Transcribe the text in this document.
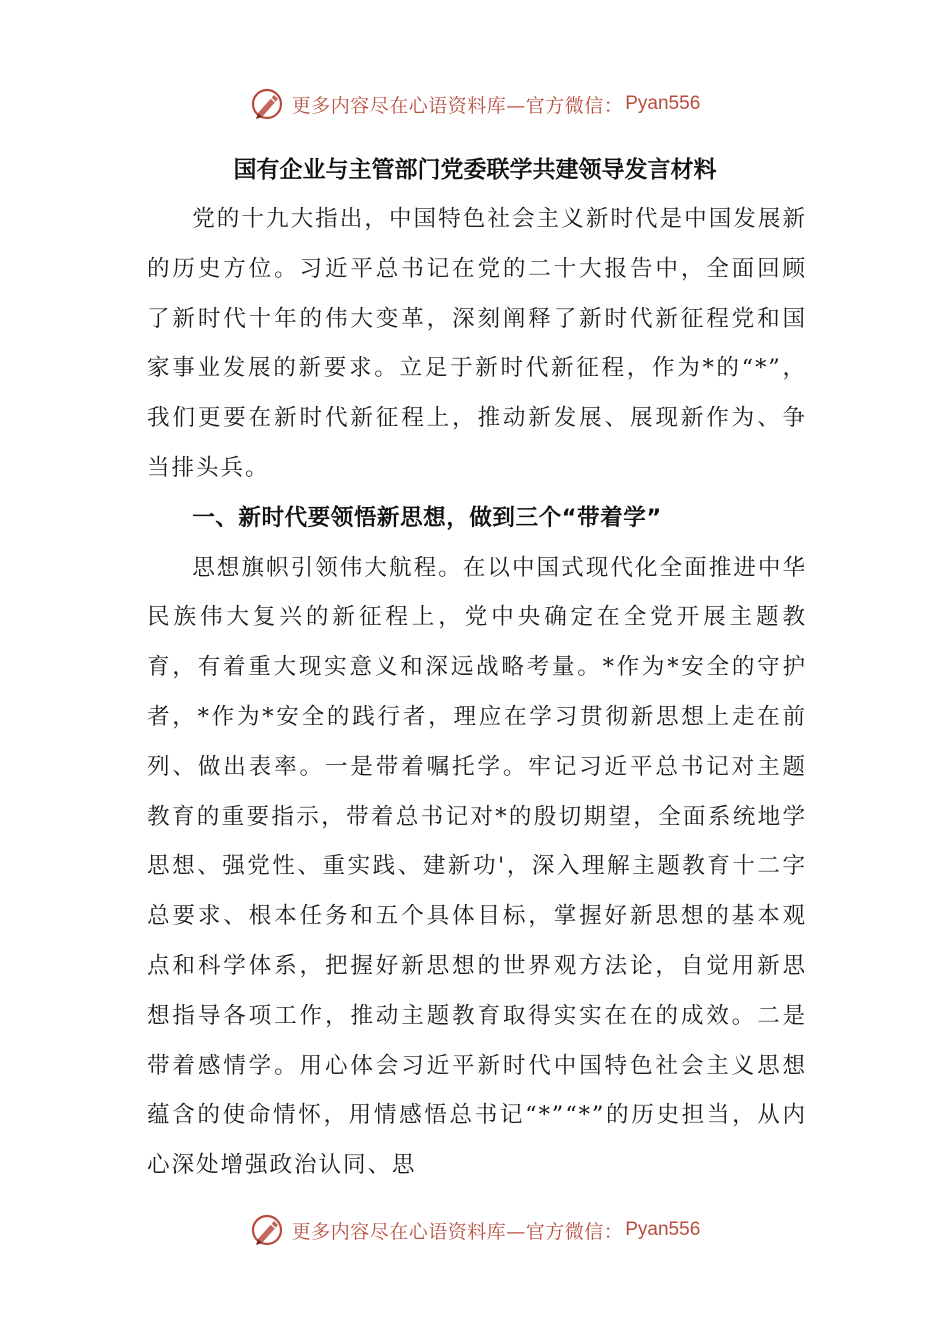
更多内容尽在心语资料库—官方微信： Pyan556
国有企业与主管部门党委联学共建领导发言材料

党的十九大指出，中国特色社会主义新时代是中国发展新的历史方位。习近平总书记在党的二十大报告中，全面回顾了新时代十年的伟大变革，深刻阐释了新时代新征程党和国家事业发展的新要求。立足于新时代新征程，作为*的“*”，我们更要在新时代新征程上，推动新发展、展现新作为、争当排头兵。

一、新时代要领悟新思想，做到三个“带着学”

思想旗帜引领伟大航程。在以中国式现代化全面推进中华民族伟大复兴的新征程上，党中央确定在全党开展主题教育，有着重大现实意义和深远战略考量。*作为*安全的守护者，*作为*安全的践行者，理应在学习贯彻新思想上走在前列、做出表率。一是带着嘱托学。牢记习近平总书记对主题教育的重要指示，带着总书记对*的殷切期望，全面系统地学思想、强党性、重实践、建新功'，深入理解主题教育十二字总要求、根本任务和五个具体目标，掌握好新思想的基本观点和科学体系，把握好新思想的世界观方法论，自觉用新思想指导各项工作，推动主题教育取得实实在在的成效。二是带着感情学。用心体会习近平新时代中国特色社会主义思想蕴含的使命情怀，用情感悟总书记“*”“*”的历史担当，从内心深处增强政治认同、思

更多内容尽在心语资料库—官方微信： Pyan556
